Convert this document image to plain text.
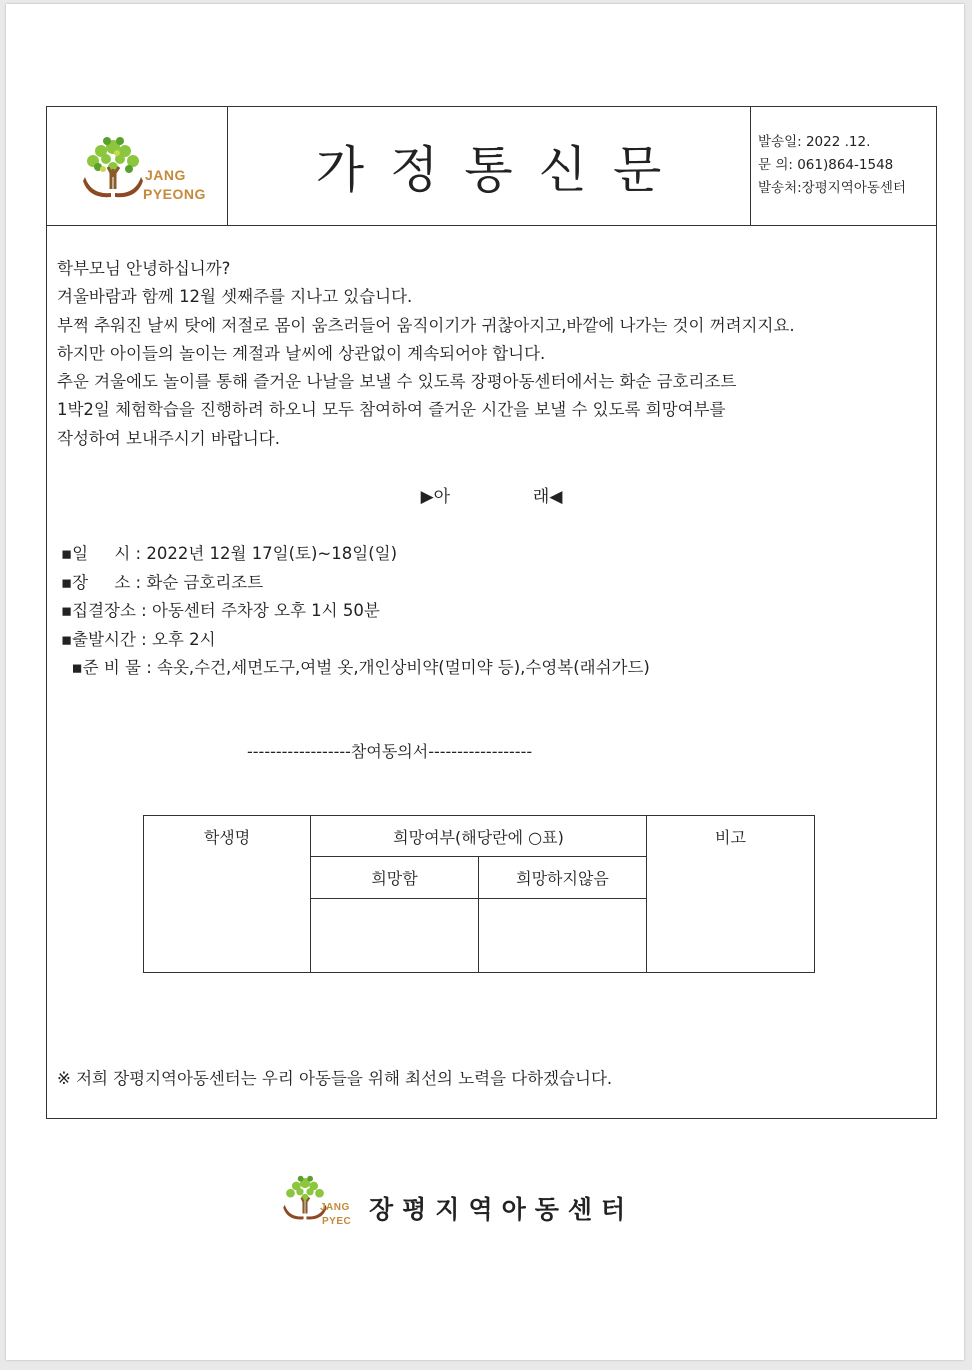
JANG
PYEONG	가정통신문	발송일: 2022 .12.
문 의: 061)864-1548
발송처:장평지역아동센터
학부모님 안녕하십니까?
겨울바람과 함께 12월 셋째주를 지나고 있습니다.
부쩍 추워진 날씨 탓에 저절로 몸이 움츠러들어 움직이기가 귀찮아지고,바깥에 나가는 것이 꺼려지지요.
하지만 아이들의 놀이는 계절과 날씨에 상관없이 계속되어야 합니다.
추운 겨울에도 놀이를 통해 즐거운 나날을 보낼 수 있도록 장평아동센터에서는 화순 금호리조트
1박2일 체험학습을 진행하려 하오니 모두 참여하여 즐거운 시간을 보낼 수 있도록 희망여부를
작성하여 보내주시기 바랍니다.
▶아	래◀
▪일     시 : 2022년 12월 17일(토)~18일(일)
▪장     소 : 화순 금호리조트
▪집결장소 : 아동센터 주차장 오후 1시 50분
▪출발시간 : 오후 2시
▪준 비 물 : 속옷,수건,세면도구,여벌 옷,개인상비약(멀미약 등),수영복(래쉬가드)
------------------참여동의서------------------
학생명	희망여부(해당란에 ○표)		비고
	희망함	희망하지않음	

※ 저희 장평지역아동센터는 우리 아동들을 위해 최선의 노력을 다하겠습니다.
JANG
PYEC 장평지역아동센터
